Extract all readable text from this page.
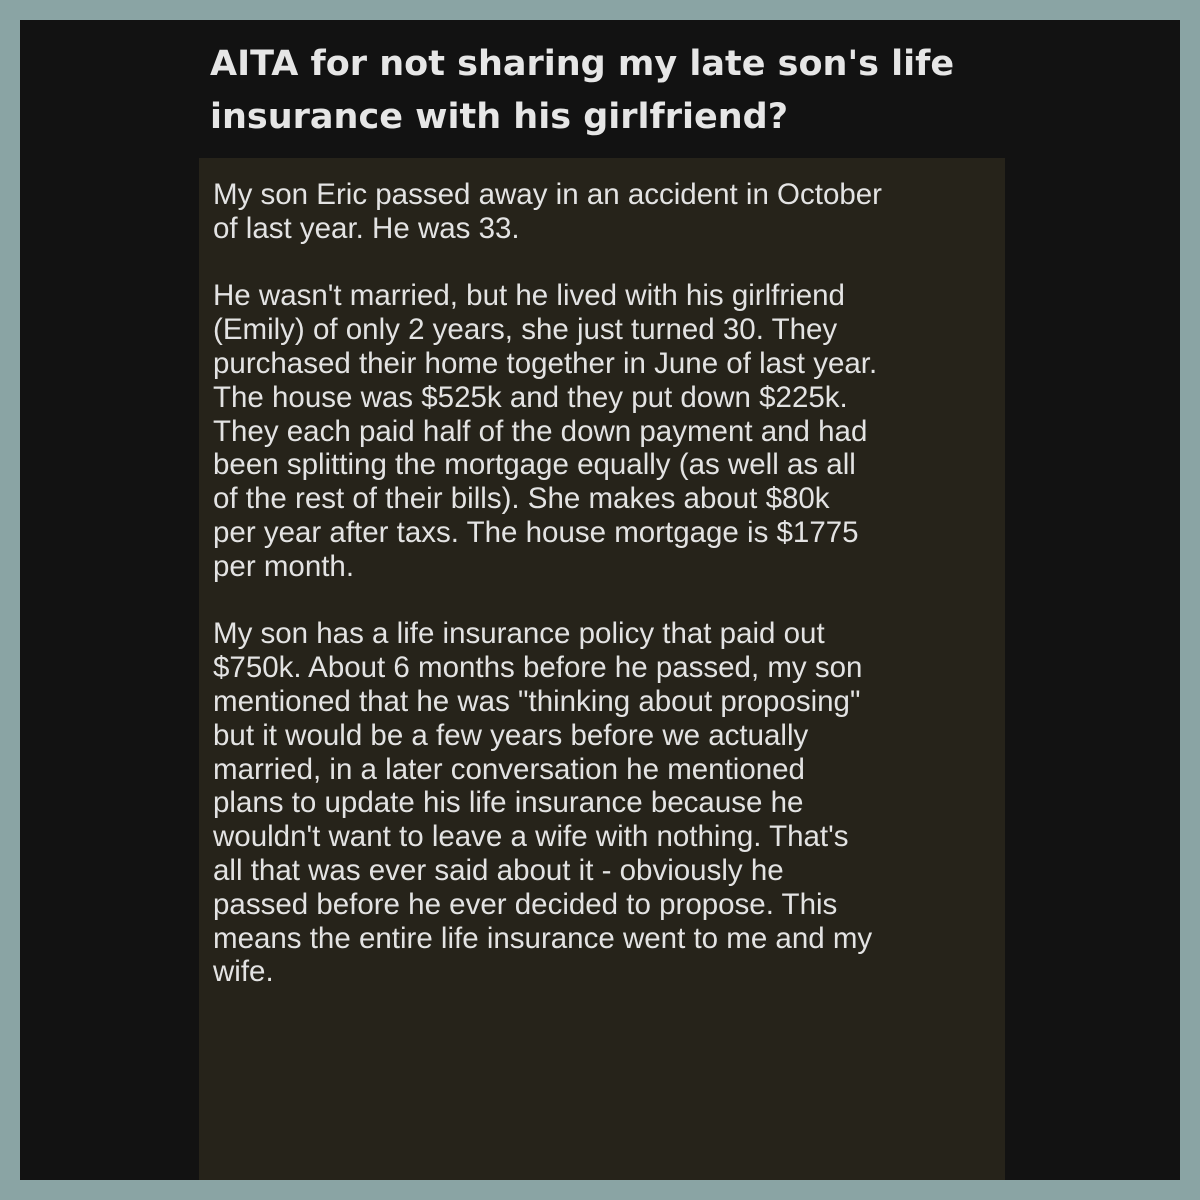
AITA for not sharing my late son's life
insurance with his girlfriend?

My son Eric passed away in an accident in October
of last year. He was 33.

He wasn't married, but he lived with his girlfriend
(Emily) of only 2 years, she just turned 30. They
purchased their home together in June of last year.
The house was $525k and they put down $225k.
They each paid half of the down payment and had
been splitting the mortgage equally (as well as all
of the rest of their bills). She makes about $80k
per year after taxs. The house mortgage is $1775
per month.

My son has a life insurance policy that paid out
$750k. About 6 months before he passed, my son
mentioned that he was "thinking about proposing"
but it would be a few years before we actually
married, in a later conversation he mentioned
plans to update his life insurance because he
wouldn't want to leave a wife with nothing. That's
all that was ever said about it - obviously he
passed before he ever decided to propose. This
means the entire life insurance went to me and my
wife.
